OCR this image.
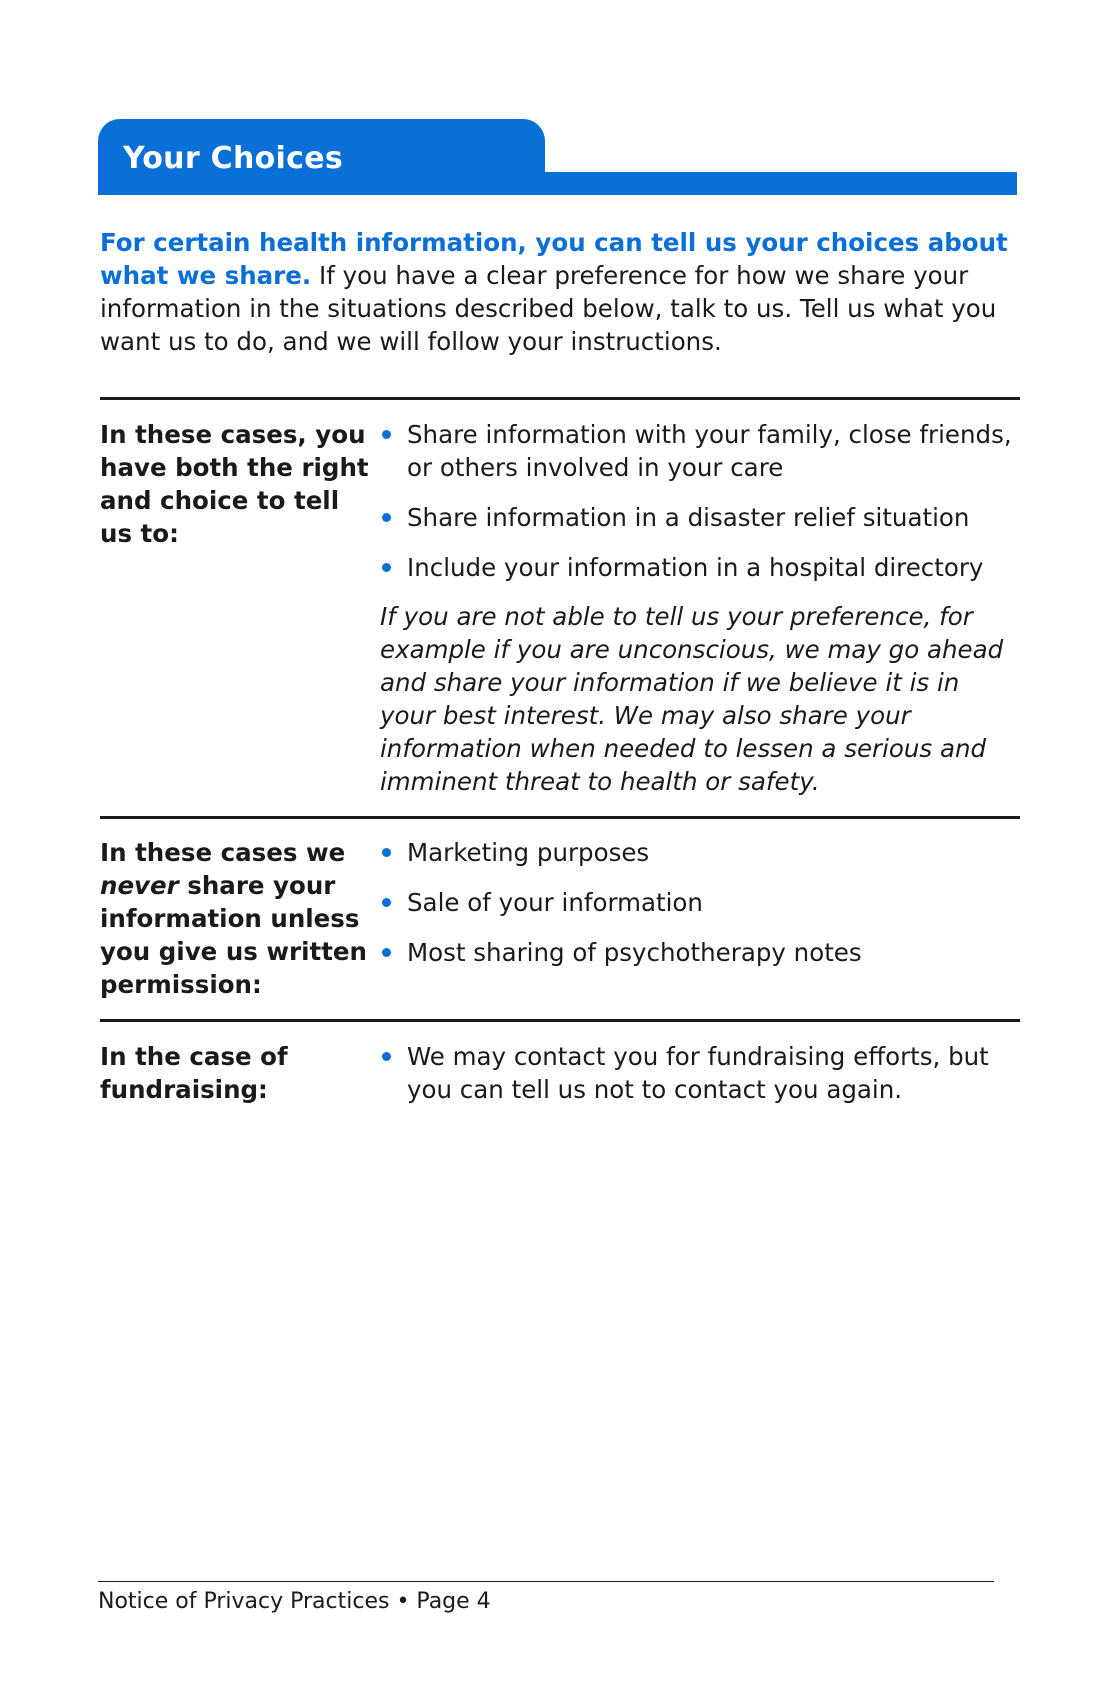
Your Choices

For certain health information, you can tell us your choices about what we share. If you have a clear preference for how we share your information in the situations described below, talk to us. Tell us what you want us to do, and we will follow your instructions.

In these cases, you have both the right and choice to tell us to:
Share information with your family, close friends, or others involved in your care
Share information in a disaster relief situation
Include your information in a hospital directory

If you are not able to tell us your preference, for example if you are unconscious, we may go ahead and share your information if we believe it is in your best interest. We may also share your information when needed to lessen a serious and imminent threat to health or safety.

In these cases we never share your information unless you give us written permission:
Marketing purposes
Sale of your information
Most sharing of psychotherapy notes
In the case of fundraising:
We may contact you for fundraising efforts, but you can tell us not to contact you again.

Notice of Privacy Practices • Page 4
